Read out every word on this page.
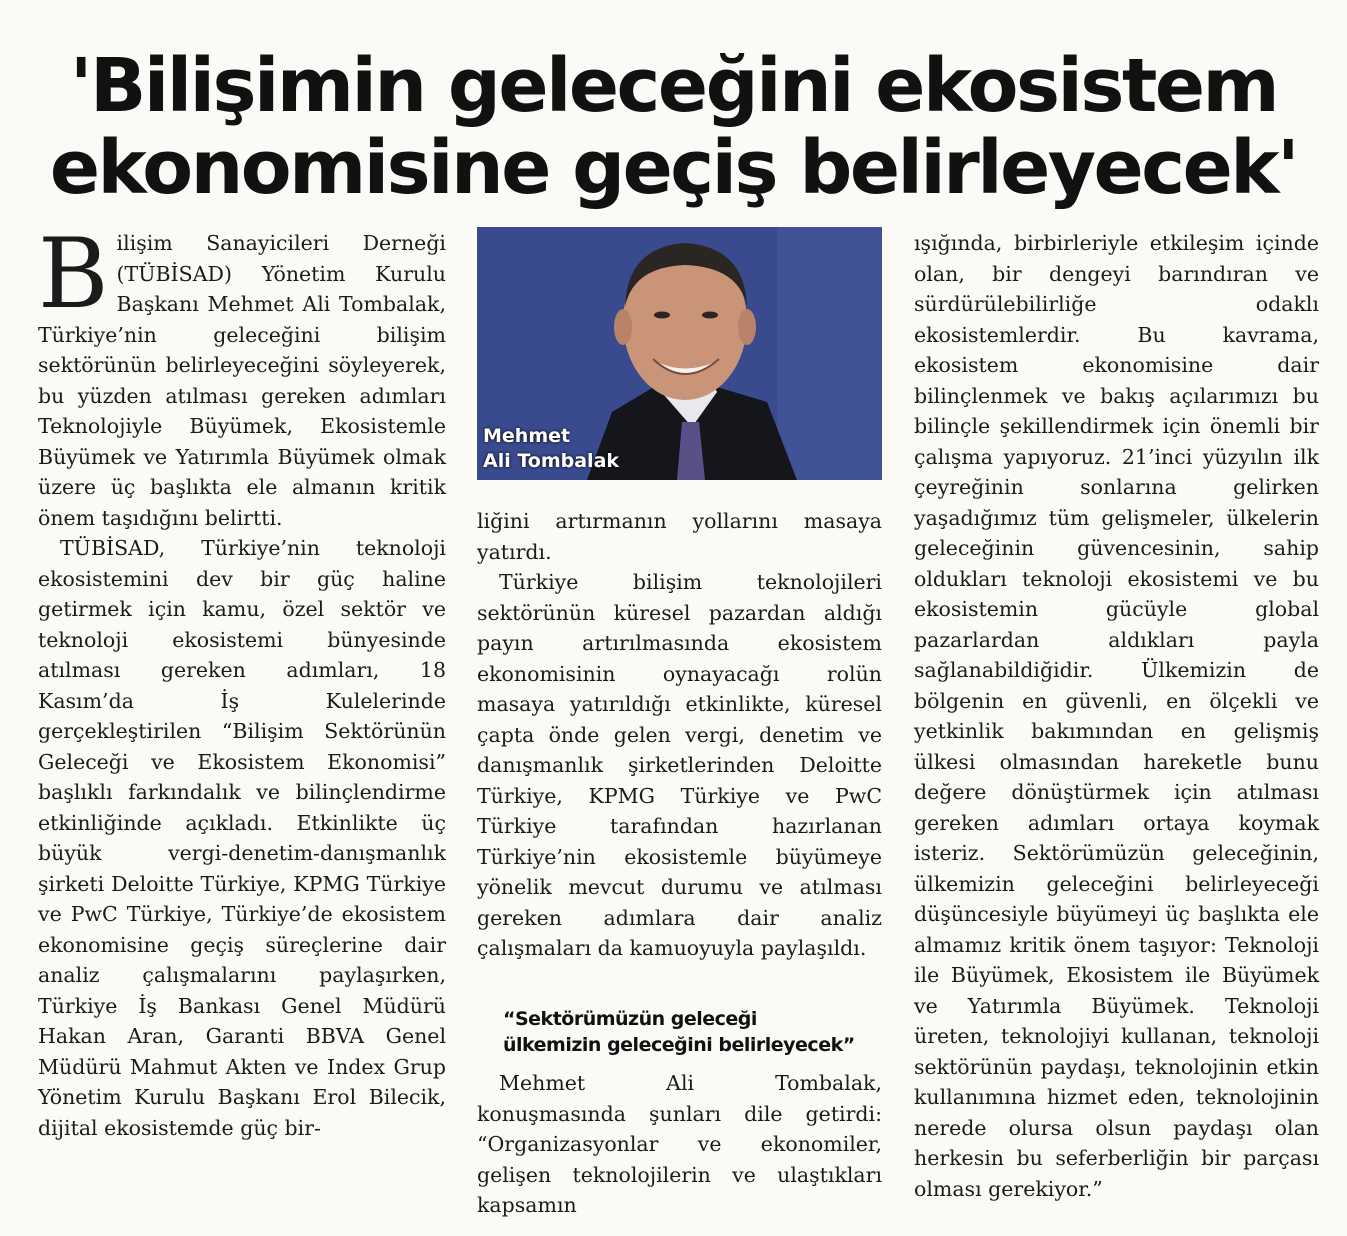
'Bilişimin geleceğini ekosistem
ekonomisine geçiş belirleyecek'

Bilişim Sanayicileri Derneği (TÜBİSAD) Yönetim Kurulu Başkanı Mehmet Ali Tombalak, Türkiye’nin geleceğini bilişim sektörünün belirleyeceğini söyleyerek, bu yüzden atılması gereken adımları Teknolojiyle Büyümek, Ekosistemle Büyümek ve Yatırımla Büyümek olmak üzere üç başlıkta ele almanın kritik önem taşıdığını belirtti.

TÜBİSAD, Türkiye’nin teknoloji ekosistemini dev bir güç haline getirmek için kamu, özel sektör ve teknoloji ekosistemi bünyesinde atılması gereken adımları, 18 Kasım’da İş Kulelerinde gerçekleştirilen “Bilişim Sektörünün Geleceği ve Ekosistem Ekonomisi” başlıklı farkındalık ve bilinçlendirme etkinliğinde açıkladı. Etkinlikte üç büyük vergi-denetim-danışmanlık şirketi Deloitte Türkiye, KPMG Türkiye ve PwC Türkiye, Türkiye’de ekosistem ekonomisine geçiş süreçlerine dair analiz çalışmalarını paylaşırken, Türkiye İş Bankası Genel Müdürü Hakan Aran, Garanti BBVA Genel Müdürü Mahmut Akten ve Index Grup Yönetim Kurulu Başkanı Erol Bilecik, dijital ekosistemde güç bir-

Mehmet
Ali Tombalak

liğini artırmanın yollarını masaya yatırdı.

Türkiye bilişim teknolojileri sektörünün küresel pazardan aldığı payın artırılmasında ekosistem ekonomisinin oynayacağı rolün masaya yatırıldığı etkinlikte, küresel çapta önde gelen vergi, denetim ve danışmanlık şirketlerinden Deloitte Türkiye, KPMG Türkiye ve PwC Türkiye tarafından hazırlanan Türkiye’nin ekosistemle büyümeye yönelik mevcut durumu ve atılması gereken adımlara dair analiz çalışmaları da kamuoyuyla paylaşıldı.

“Sektörümüzün geleceği
ülkemizin geleceğini belirleyecek”

Mehmet Ali Tombalak, konuşmasında şunları dile getirdi: “Organizasyonlar ve ekonomiler, gelişen teknolojilerin ve ulaştıkları kapsamın

ışığında, birbirleriyle etkileşim içinde olan, bir dengeyi barındıran ve sürdürülebilirliğe odaklı ekosistemlerdir. Bu kavrama, ekosistem ekonomisine dair bilinçlenmek ve bakış açılarımızı bu bilinçle şekillendirmek için önemli bir çalışma yapıyoruz. 21’inci yüzyılın ilk çeyreğinin sonlarına gelirken yaşadığımız tüm gelişmeler, ülkelerin geleceğinin güvencesinin, sahip oldukları teknoloji ekosistemi ve bu ekosistemin gücüyle global pazarlardan aldıkları payla sağlanabildiğidir. Ülkemizin de bölgenin en güvenli, en ölçekli ve yetkinlik bakımından en gelişmiş ülkesi olmasından hareketle bunu değere dönüştürmek için atılması gereken adımları ortaya koymak isteriz. Sektörümüzün geleceğinin, ülkemizin geleceğini belirleyeceği düşüncesiyle büyümeyi üç başlıkta ele almamız kritik önem taşıyor: Teknoloji ile Büyümek, Ekosistem ile Büyümek ve Yatırımla Büyümek. Teknoloji üreten, teknolojiyi kullanan, teknoloji sektörünün paydaşı, teknolojinin etkin kullanımına hizmet eden, teknolojinin nerede olursa olsun paydaşı olan herkesin bu seferberliğin bir parçası olması gerekiyor.”
